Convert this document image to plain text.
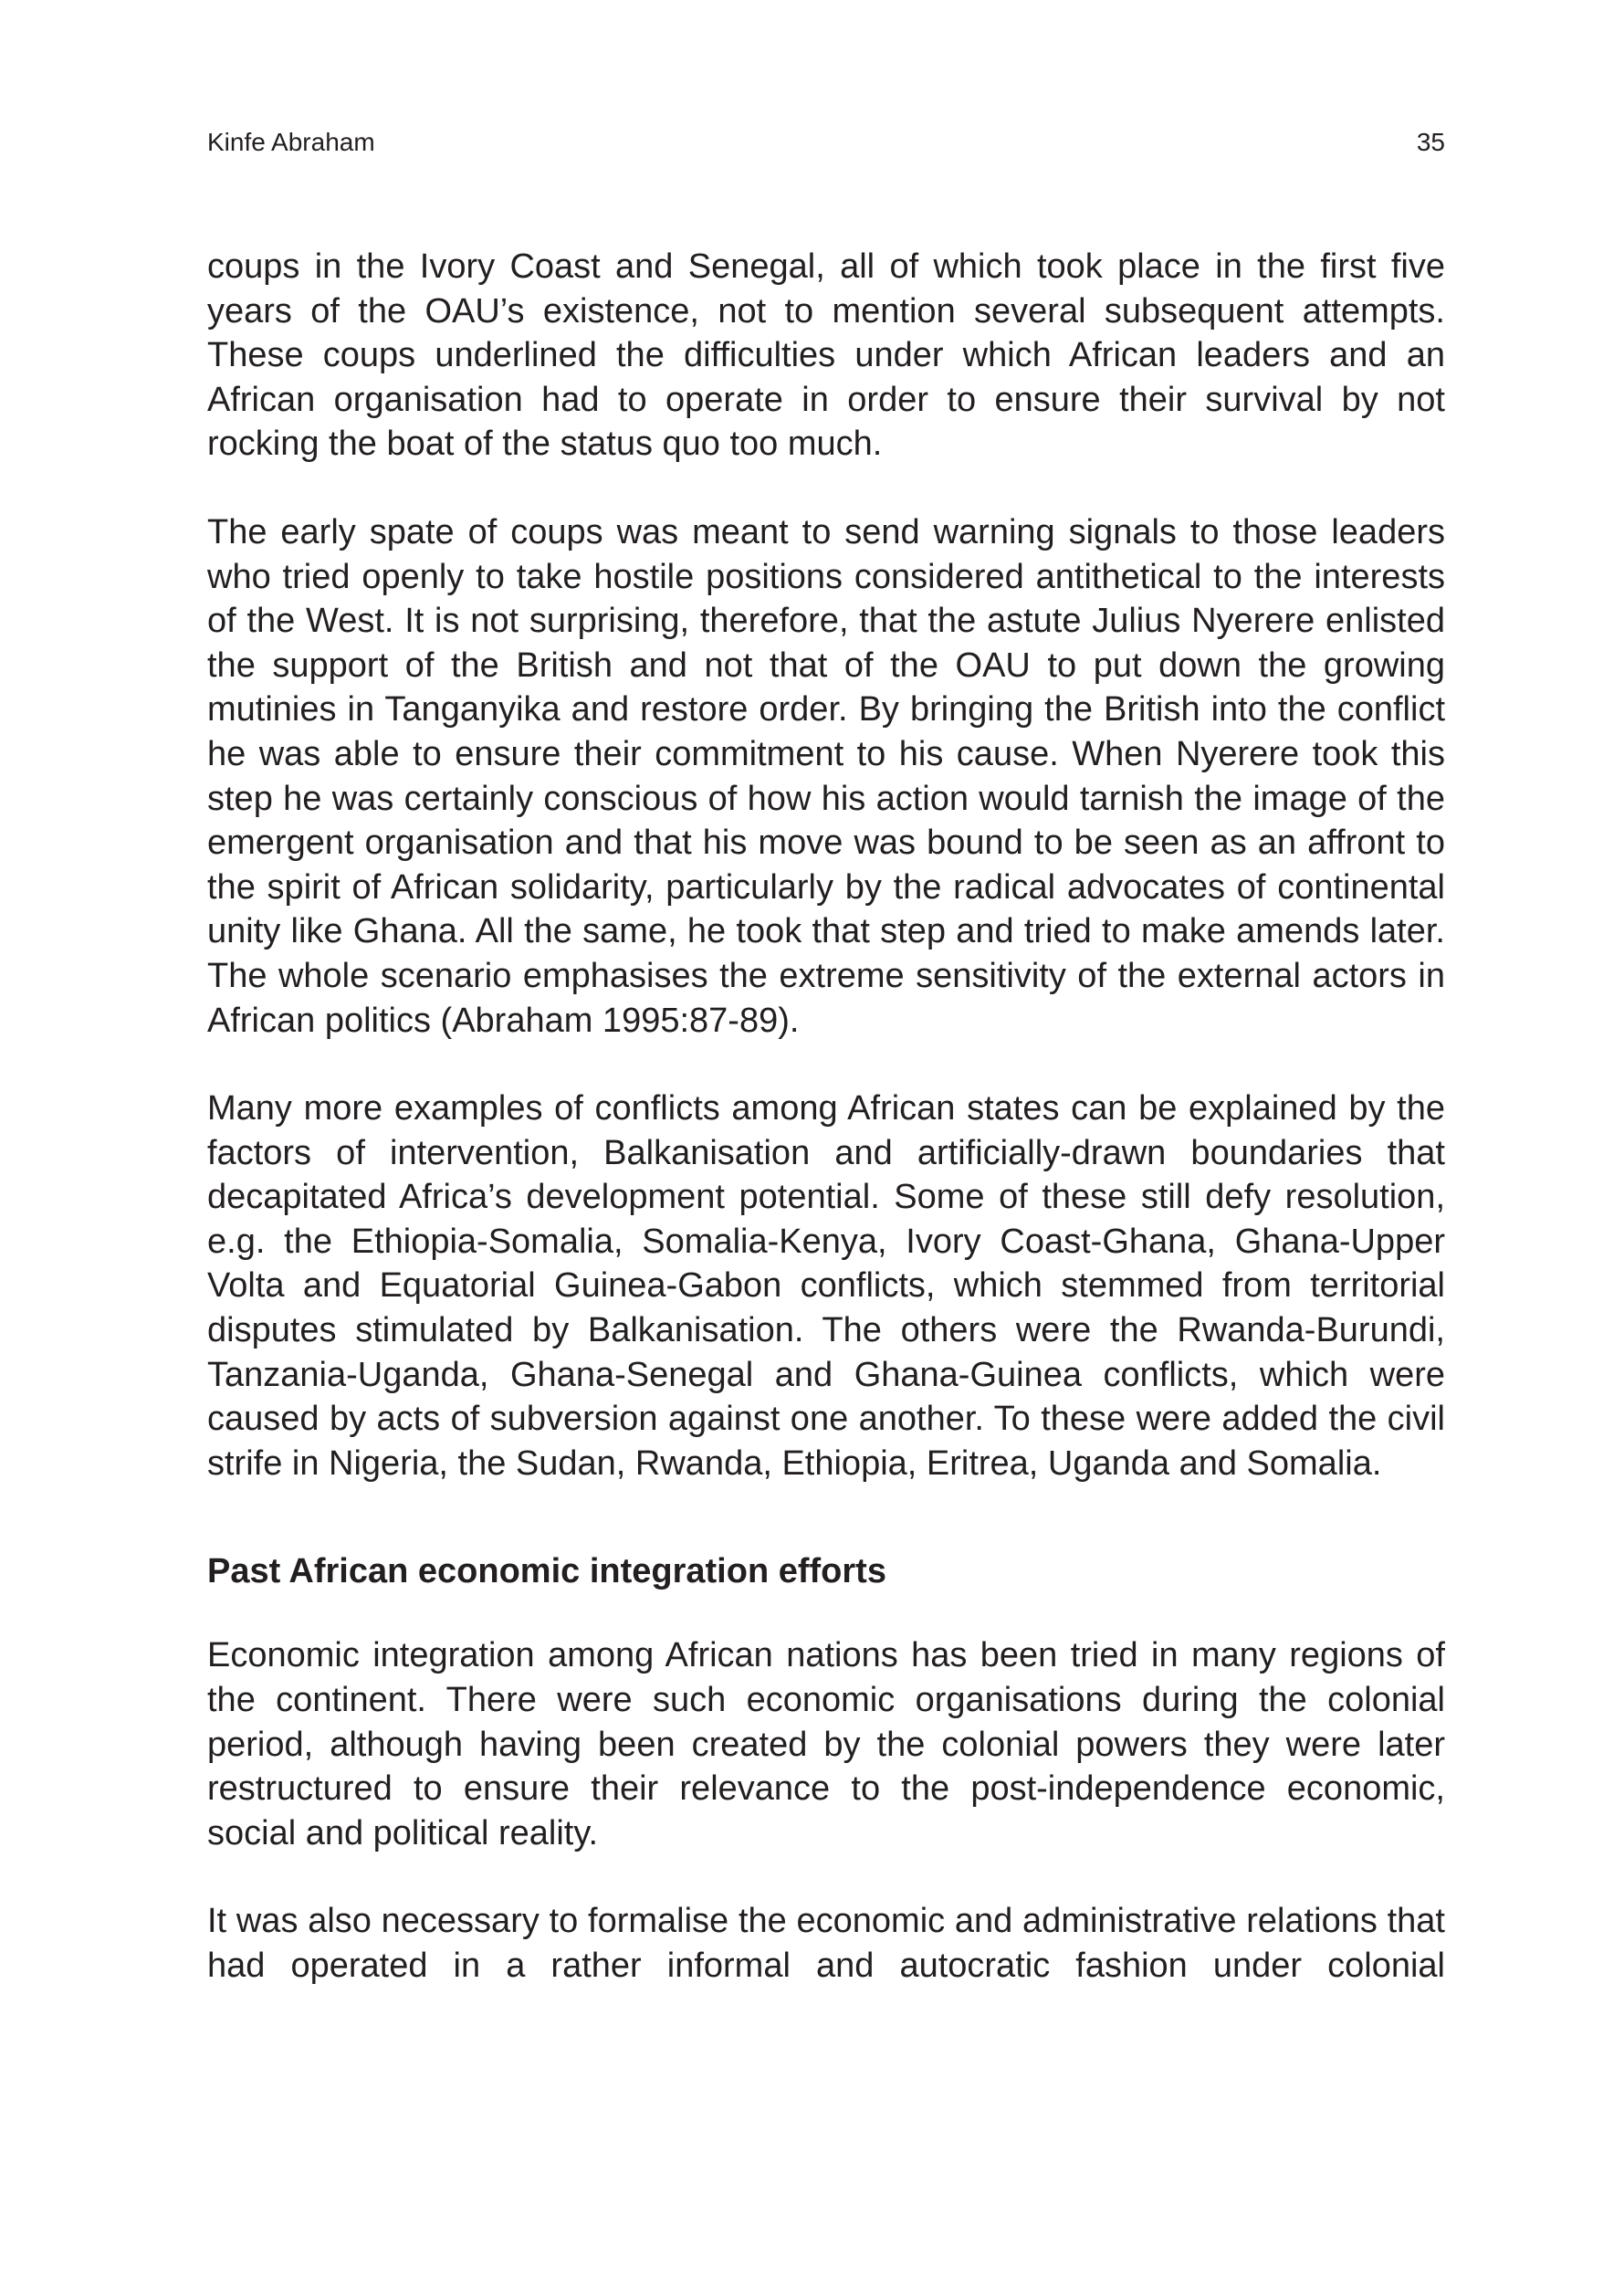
Kinfe Abraham	35

coups in the Ivory Coast and Senegal, all of which took place in the first five years of the OAU’s existence, not to mention several subsequent attempts. These coups underlined the difficulties under which African leaders and an African organisation had to operate in order to ensure their survival by not rocking the boat of the status quo too much.

The early spate of coups was meant to send warning signals to those leaders who tried openly to take hostile positions considered antithetical to the interests of the West. It is not surprising, therefore, that the astute Julius Nyerere enlisted the support of the British and not that of the OAU to put down the growing mutinies in Tanganyika and restore order. By bringing the British into the conflict he was able to ensure their commitment to his cause. When Nyerere took this step he was certainly conscious of how his action would tarnish the image of the emergent organisation and that his move was bound to be seen as an affront to the spirit of African solidarity, particularly by the radical advocates of continental unity like Ghana. All the same, he took that step and tried to make amends later. The whole scenario emphasises the extreme sensitivity of the external actors in African politics (Abraham 1995:87-89).

Many more examples of conflicts among African states can be explained by the factors of intervention, Balkanisation and artificially-drawn boundaries that decapitated Africa’s development potential. Some of these still defy resolution, e.g. the Ethiopia-Somalia, Somalia-Kenya, Ivory Coast-Ghana, Ghana-Upper Volta and Equatorial Guinea-Gabon conflicts, which stemmed from territorial disputes stimulated by Balkanisation. The others were the Rwanda-Burundi, Tanzania-Uganda, Ghana-Senegal and Ghana-Guinea conflicts, which were caused by acts of subversion against one another. To these were added the civil strife in Nigeria, the Sudan, Rwanda, Ethiopia, Eritrea, Uganda and Somalia.

Past African economic integration efforts

Economic integration among African nations has been tried in many regions of the continent. There were such economic organisations during the colonial period, although having been created by the colonial powers they were later restructured to ensure their relevance to the post-independence economic, social and political reality.

It was also necessary to formalise the economic and administrative relations that had operated in a rather informal and autocratic fashion under colonial
